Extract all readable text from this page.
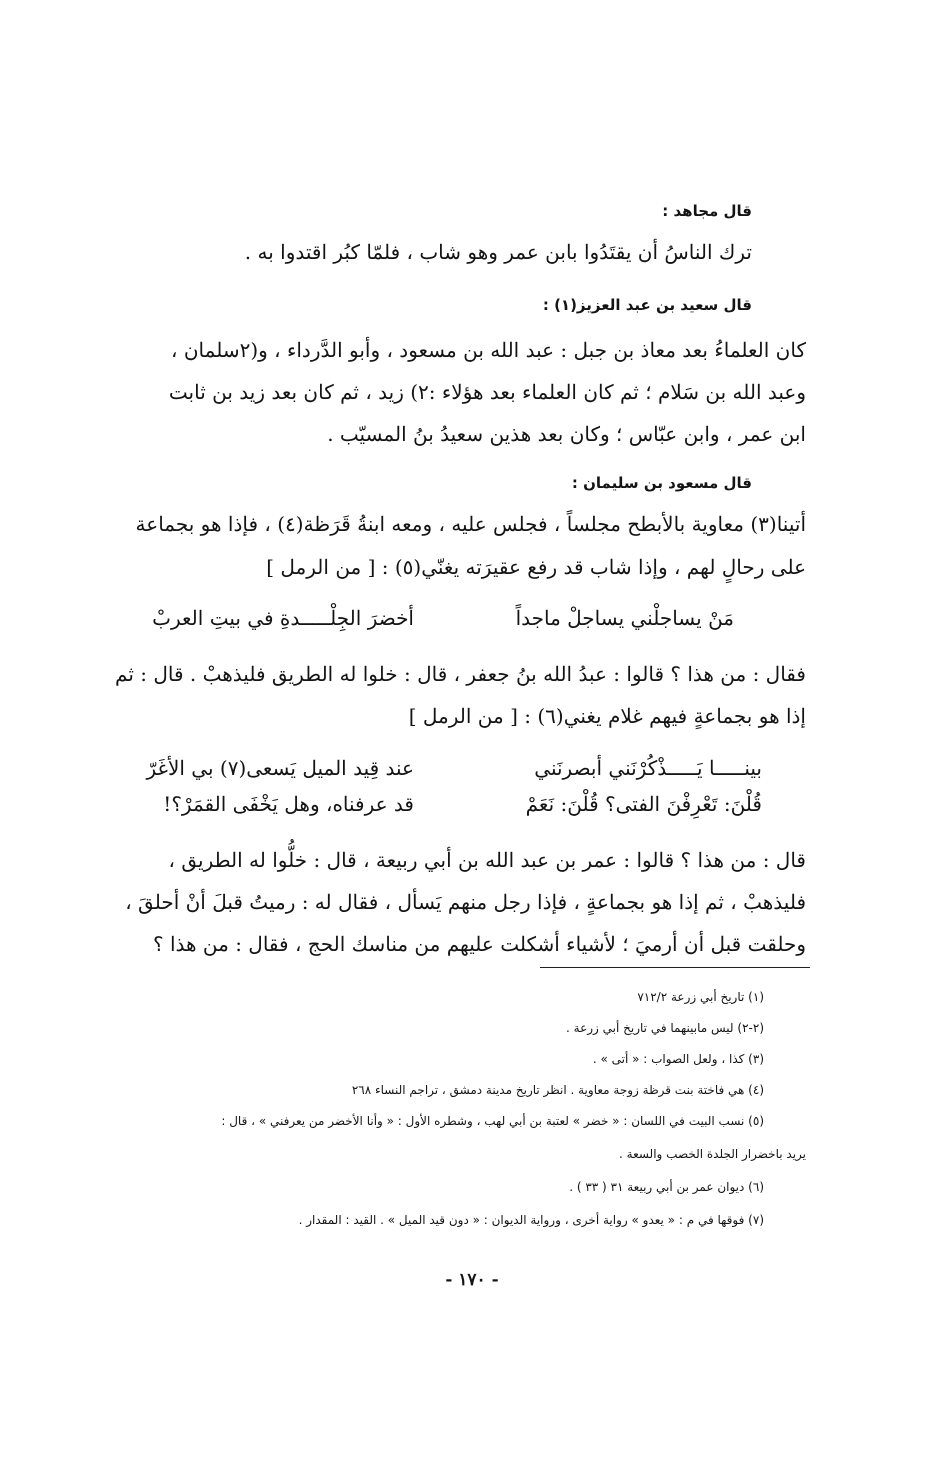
قال مجاهد :
ترك الناسُ أن يقتَدُوا بابن عمر وهو شاب ، فلمّا كبُر اقتدوا به .
قال سعيد بن عبد العزيز(١) :
كان العلماءُ بعد معاذ بن جبل : عبد الله بن مسعود ، وأبو الدَّرداء ، و(٢سلمان ،
وعبد الله بن سَلام ؛ ثم كان العلماء بعد هؤلاء :٢) زيد ، ثم كان بعد زيد بن ثابت
ابن عمر ، وابن عبّاس ؛ وكان بعد هذين سعيدُ بنُ المسيّب .
قال مسعود بن سليمان :
أتينا(٣) معاوية بالأبطح مجلساً ، فجلس عليه ، ومعه ابنةُ قَرَظة(٤) ، فإذا هو بجماعة
على رحالٍ لهم ، وإذا شاب قد رفع عقيرَته يغنّي(٥) : [ من الرمل ]
مَنْ يساجلْني يساجلْ ماجداً
أخضرَ الجِلْـــــدةِ في بيتِ العربْ
فقال : من هذا ؟ قالوا : عبدُ الله بنُ جعفر ، قال : خلوا له الطريق فليذهبْ . قال : ثم
إذا هو بجماعةٍ فيهم غلام يغني(٦) : [ من الرمل ]
بينـــــا يَـــــذْكُرْنَني أبصرنَني
عند قِيد الميل يَسعى(٧) بي الأغَرّ
قُلْنَ: تَعْرِفْنَ الفتى؟ قُلْنَ: نَعَمْ
قد عرفناه، وهل يَخْفَى القمَرْ؟!
قال : من هذا ؟ قالوا : عمر بن عبد الله بن أبي ربيعة ، قال : خلُّوا له الطريق ،
فليذهبْ ، ثم إذا هو بجماعةٍ ، فإذا رجل منهم يَسأل ، فقال له : رميتُ قبلَ أنْ أحلقَ ،
وحلقت قبل أن أرميَ ؛ لأشياء أشكلت عليهم من مناسك الحج ، فقال : من هذا ؟
(١) تاريخ أبي زرعة ٧١٢/٢
(٢-٢) ليس مابينهما في تاريخ أبي زرعة .
(٣) كذا ، ولعل الصواب : « أتى » .
(٤) هي فاختة بنت قرظة زوجة معاوية . انظر تاريخ مدينة دمشق ، تراجم النساء ٢٦٨
(٥) نسب البيت في اللسان : « خضر » لعتبة بن أبي لهب ، وشطره الأول : « وأنا الأخضر من يعرفني » ، قال :
يريد باخضرار الجلدة الخصب والسعة .
(٦) ديوان عمر بن أبي ربيعة ٣١ ( ٣٣ ) .
(٧) فوقها في م : « يعدو » رواية أخرى ، ورواية الديوان : « دون قيد الميل » . القيد : المقدار .
- ١٧٠ -
